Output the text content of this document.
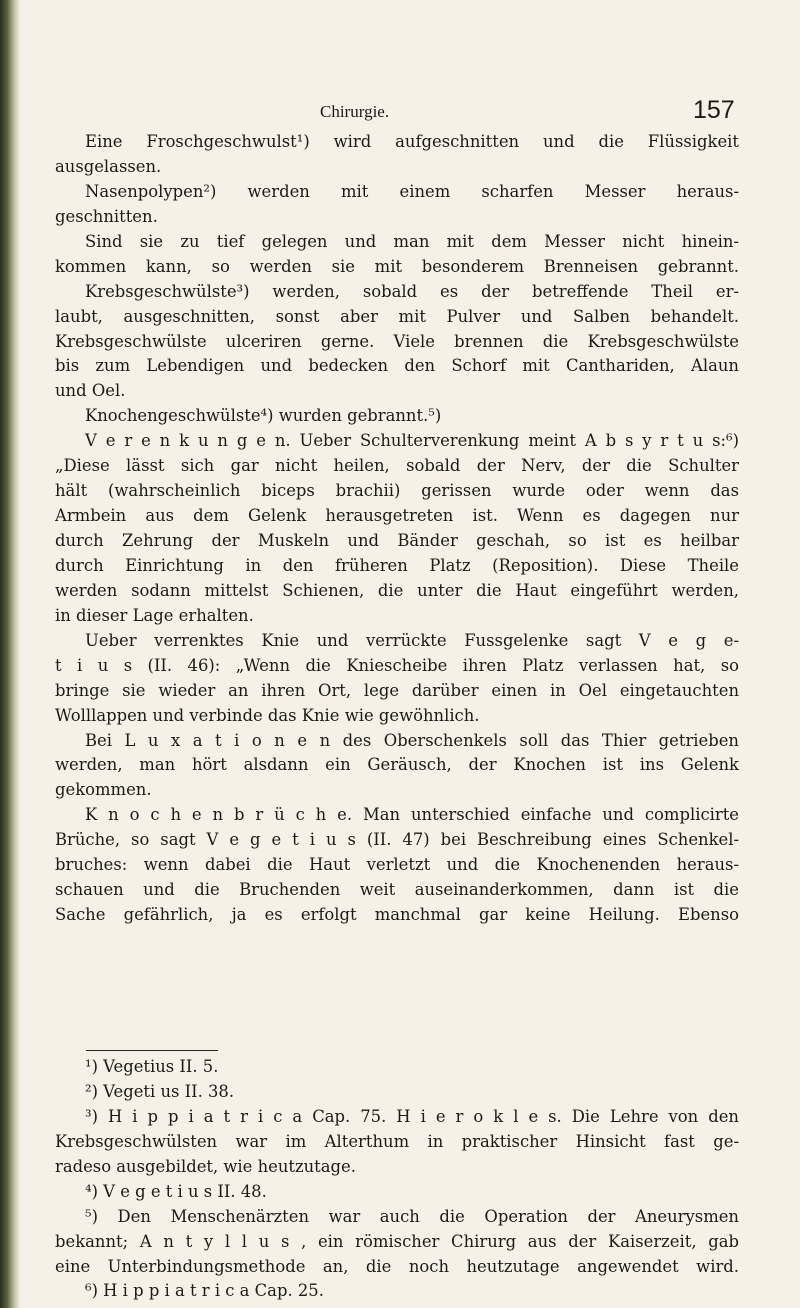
Chirurgie.	157
Eine Froschgeschwulst¹) wird aufgeschnitten und die Flüssigkeit
ausgelassen.
Nasenpolypen²) werden mit einem scharfen Messer heraus-
geschnitten.
Sind sie zu tief gelegen und man mit dem Messer nicht hinein-
kommen kann, so werden sie mit besonderem Brenneisen gebrannt.
Krebsgeschwülste³) werden, sobald es der betreffende Theil er-
laubt, ausgeschnitten, sonst aber mit Pulver und Salben behandelt.
Krebsgeschwülste ulceriren gerne. Viele brennen die Krebsgeschwülste
bis zum Lebendigen und bedecken den Schorf mit Canthariden, Alaun
und Oel.
Knochengeschwülste⁴) wurden gebrannt.⁵)
V e r e n k u n g e n. Ueber Schulterverenkung meint A b s y r t u s:⁶)
„Diese lässt sich gar nicht heilen, sobald der Nerv, der die Schulter
hält (wahrscheinlich biceps brachii) gerissen wurde oder wenn das
Armbein aus dem Gelenk herausgetreten ist. Wenn es dagegen nur
durch Zehrung der Muskeln und Bänder geschah, so ist es heilbar
durch Einrichtung in den früheren Platz (Reposition). Diese Theile
werden sodann mittelst Schienen, die unter die Haut eingeführt werden,
in dieser Lage erhalten.
Ueber verrenktes Knie und verrückte Fussgelenke sagt V e g e-
t i u s (II. 46): „Wenn die Kniescheibe ihren Platz verlassen hat, so
bringe sie wieder an ihren Ort, lege darüber einen in Oel eingetauchten
Wolllappen und verbinde das Knie wie gewöhnlich.
Bei L u x a t i o n e n des Oberschenkels soll das Thier getrieben
werden, man hört alsdann ein Geräusch, der Knochen ist ins Gelenk
gekommen.
K n o c h e n b r ü c h e. Man unterschied einfache und complicirte
Brüche, so sagt V e g e t i u s (II. 47) bei Beschreibung eines Schenkel-
bruches: wenn dabei die Haut verletzt und die Knochenenden heraus-
schauen und die Bruchenden weit auseinanderkommen, dann ist die
Sache gefährlich, ja es erfolgt manchmal gar keine Heilung. Ebenso
¹) Vegetius II. 5.
²) Vegeti us II. 38.
³) H i p p i a t r i c a Cap. 75. H i e r o k l e s. Die Lehre von den
Krebsgeschwülsten war im Alterthum in praktischer Hinsicht fast ge-
radeso ausgebildet, wie heutzutage.
⁴) V e g e t i u s II. 48.
⁵) Den Menschenärzten war auch die Operation der Aneurysmen
bekannt; A n t y l l u s , ein römischer Chirurg aus der Kaiserzeit, gab
eine Unterbindungsmethode an, die noch heutzutage angewendet wird.
⁶) H i p p i a t r i c a Cap. 25.
